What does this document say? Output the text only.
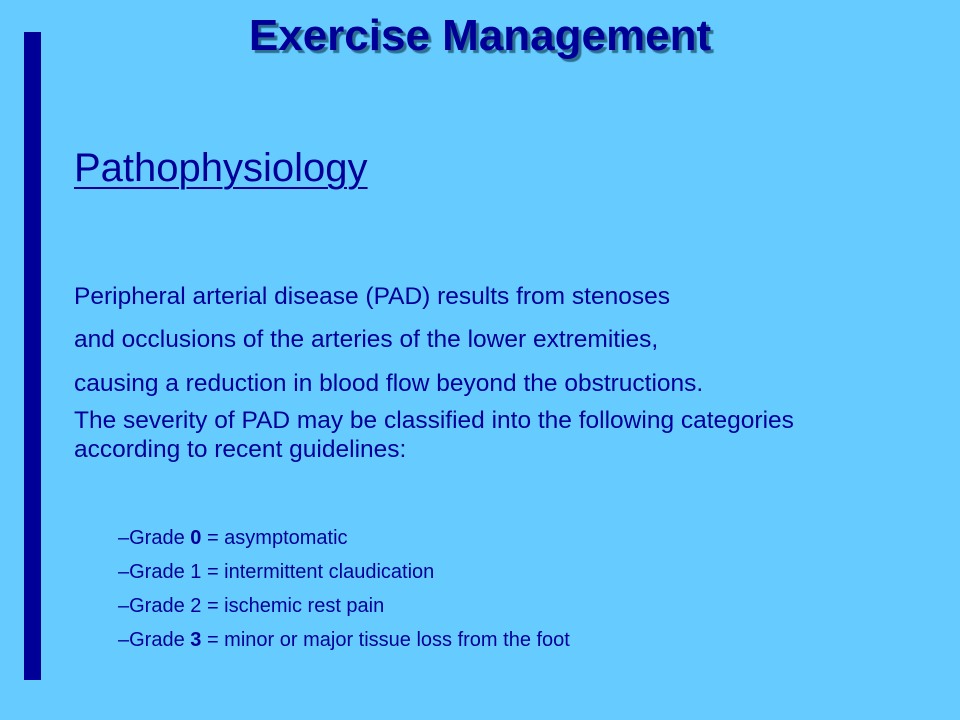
Exercise Management
Pathophysiology
Peripheral arterial disease (PAD) results from stenoses
and occlusions of the arteries of the lower extremities,
causing a reduction in blood flow beyond the obstructions.
The severity of PAD may be classified into the following categories according to recent guidelines:
–Grade 0 = asymptomatic
–Grade 1 = intermittent claudication
–Grade 2 = ischemic rest pain
–Grade 3 = minor or major tissue loss from the foot
